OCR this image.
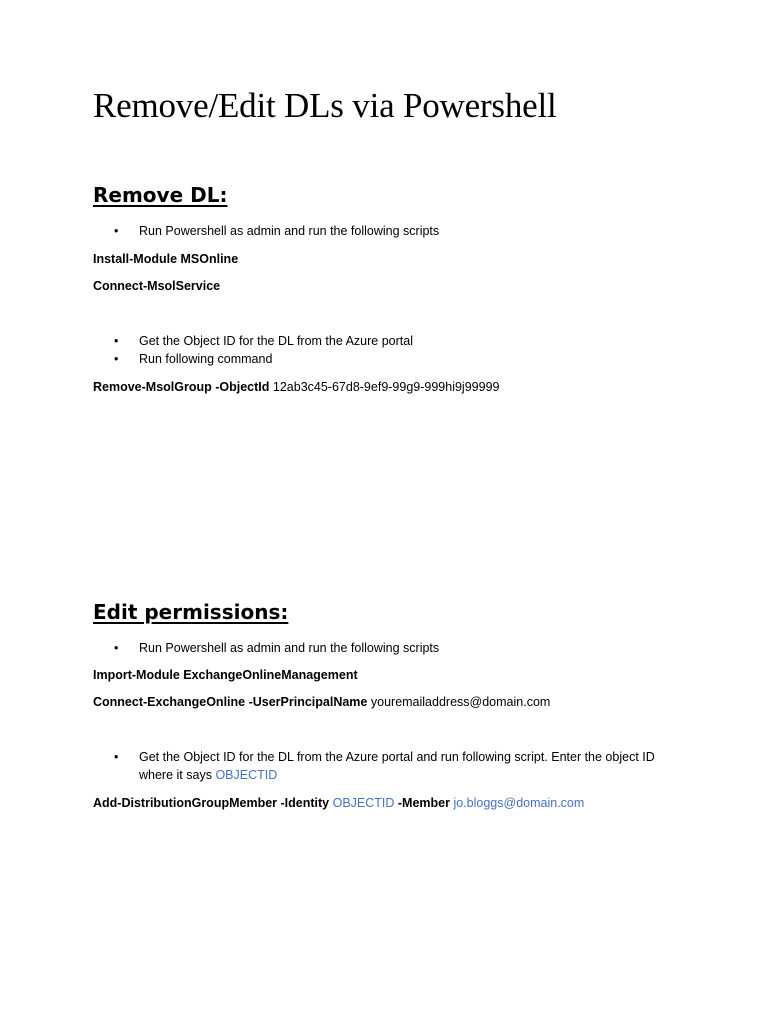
Remove/Edit DLs via Powershell
Remove DL:
•	Run Powershell as admin and run the following scripts

Install-Module MSOnline

Connect-MsolService

•	Get the Object ID for the DL from the Azure portal
•	Run following command

Remove-MsolGroup -ObjectId 12ab3c45-67d8-9ef9-99g9-999hi9j99999

Edit permissions:
•	Run Powershell as admin and run the following scripts

Import-Module ExchangeOnlineManagement

Connect-ExchangeOnline -UserPrincipalName youremailaddress@domain.com

•	Get the Object ID for the DL from the Azure portal and run following script. Enter the object ID where it says OBJECTID

Add-DistributionGroupMember -Identity OBJECTID -Member jo.bloggs@domain.com
